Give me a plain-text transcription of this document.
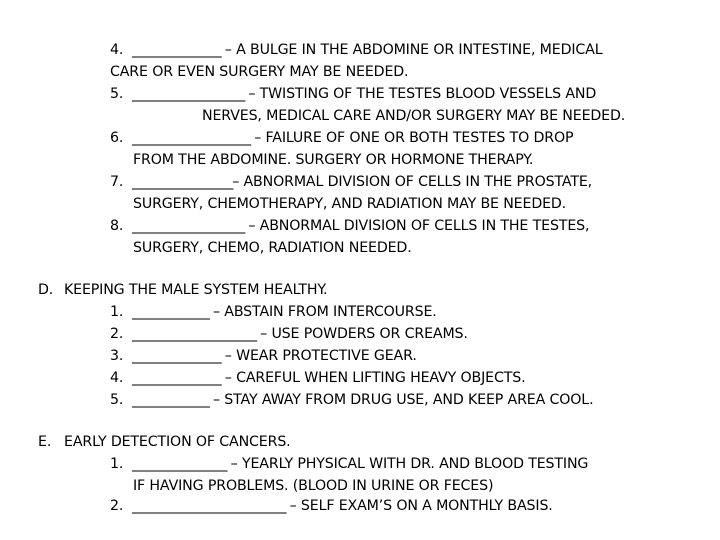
4. _______________ – A BULGE IN THE ABDOMINE OR INTESTINE, MEDICAL
CARE OR EVEN SURGERY MAY BE NEEDED.
5. ___________________ – TWISTING OF THE TESTES BLOOD VESSELS AND
NERVES, MEDICAL CARE AND/OR SURGERY MAY BE NEEDED.
6. ____________________ – FAILURE OF ONE OR BOTH TESTES TO DROP
FROM THE ABDOMINE. SURGERY OR HORMONE THERAPY.
7. _________________– ABNORMAL DIVISION OF CELLS IN THE PROSTATE,
SURGERY, CHEMOTHERAPY, AND RADIATION MAY BE NEEDED.
8. ___________________ – ABNORMAL DIVISION OF CELLS IN THE TESTES,
SURGERY, CHEMO, RADIATION NEEDED.
D. KEEPING THE MALE SYSTEM HEALTHY.
1. _____________ – ABSTAIN FROM INTERCOURSE.
2. _____________________ – USE POWDERS OR CREAMS.
3. _______________ – WEAR PROTECTIVE GEAR.
4. _______________ – CAREFUL WHEN LIFTING HEAVY OBJECTS.
5. _____________ – STAY AWAY FROM DRUG USE, AND KEEP AREA COOL.
E. EARLY DETECTION OF CANCERS.
1. ________________ – YEARLY PHYSICAL WITH DR. AND BLOOD TESTING
IF HAVING PROBLEMS. (BLOOD IN URINE OR FECES)
2. __________________________ – SELF EXAM’S ON A MONTHLY BASIS.
